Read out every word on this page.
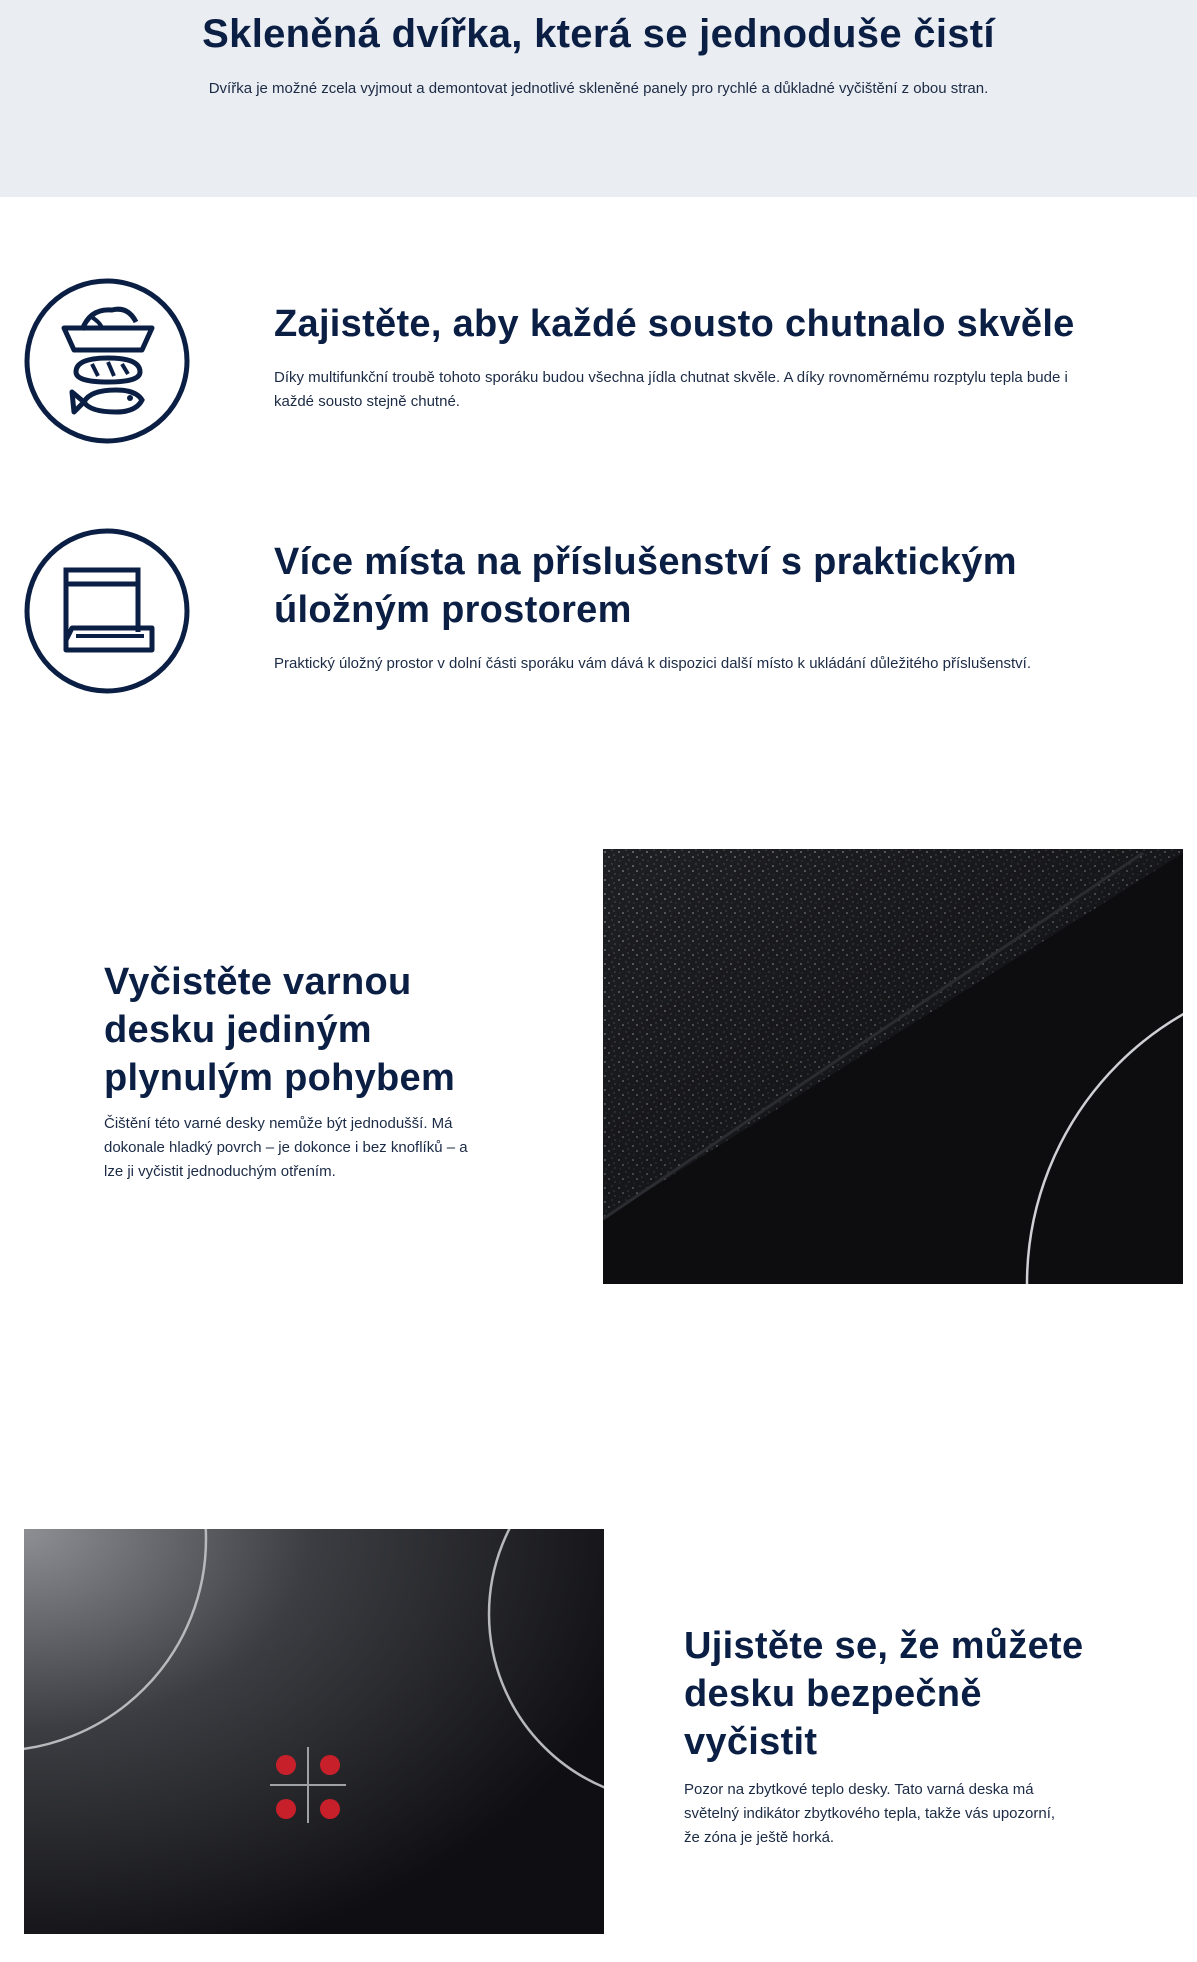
Skleněná dvířka, která se jednoduše čistí

Dvířka je možné zcela vyjmout a demontovat jednotlivé skleněné panely pro rychlé a důkladné vyčištění z obou stran.

Zajistěte, aby každé sousto chutnalo skvěle

Díky multifunkční troubě tohoto sporáku budou všechna jídla chutnat skvěle. A díky rovnoměrnému rozptylu tepla bude i

každé sousto stejně chutné.

Více místa na příslušenství s praktickým
úložným prostorem

Praktický úložný prostor v dolní části sporáku vám dává k dispozici další místo k ukládání důležitého příslušenství.

Vyčistěte varnou
desku jediným
plynulým pohybem

Čištění této varné desky nemůže být jednodušší. Má

dokonale hladký povrch – je dokonce i bez knoflíků – a

lze ji vyčistit jednoduchým otřením.

Ujistěte se, že můžete
desku bezpečně
vyčistit

Pozor na zbytkové teplo desky. Tato varná deska má

světelný indikátor zbytkového tepla, takže vás upozorní,

že zóna je ještě horká.
